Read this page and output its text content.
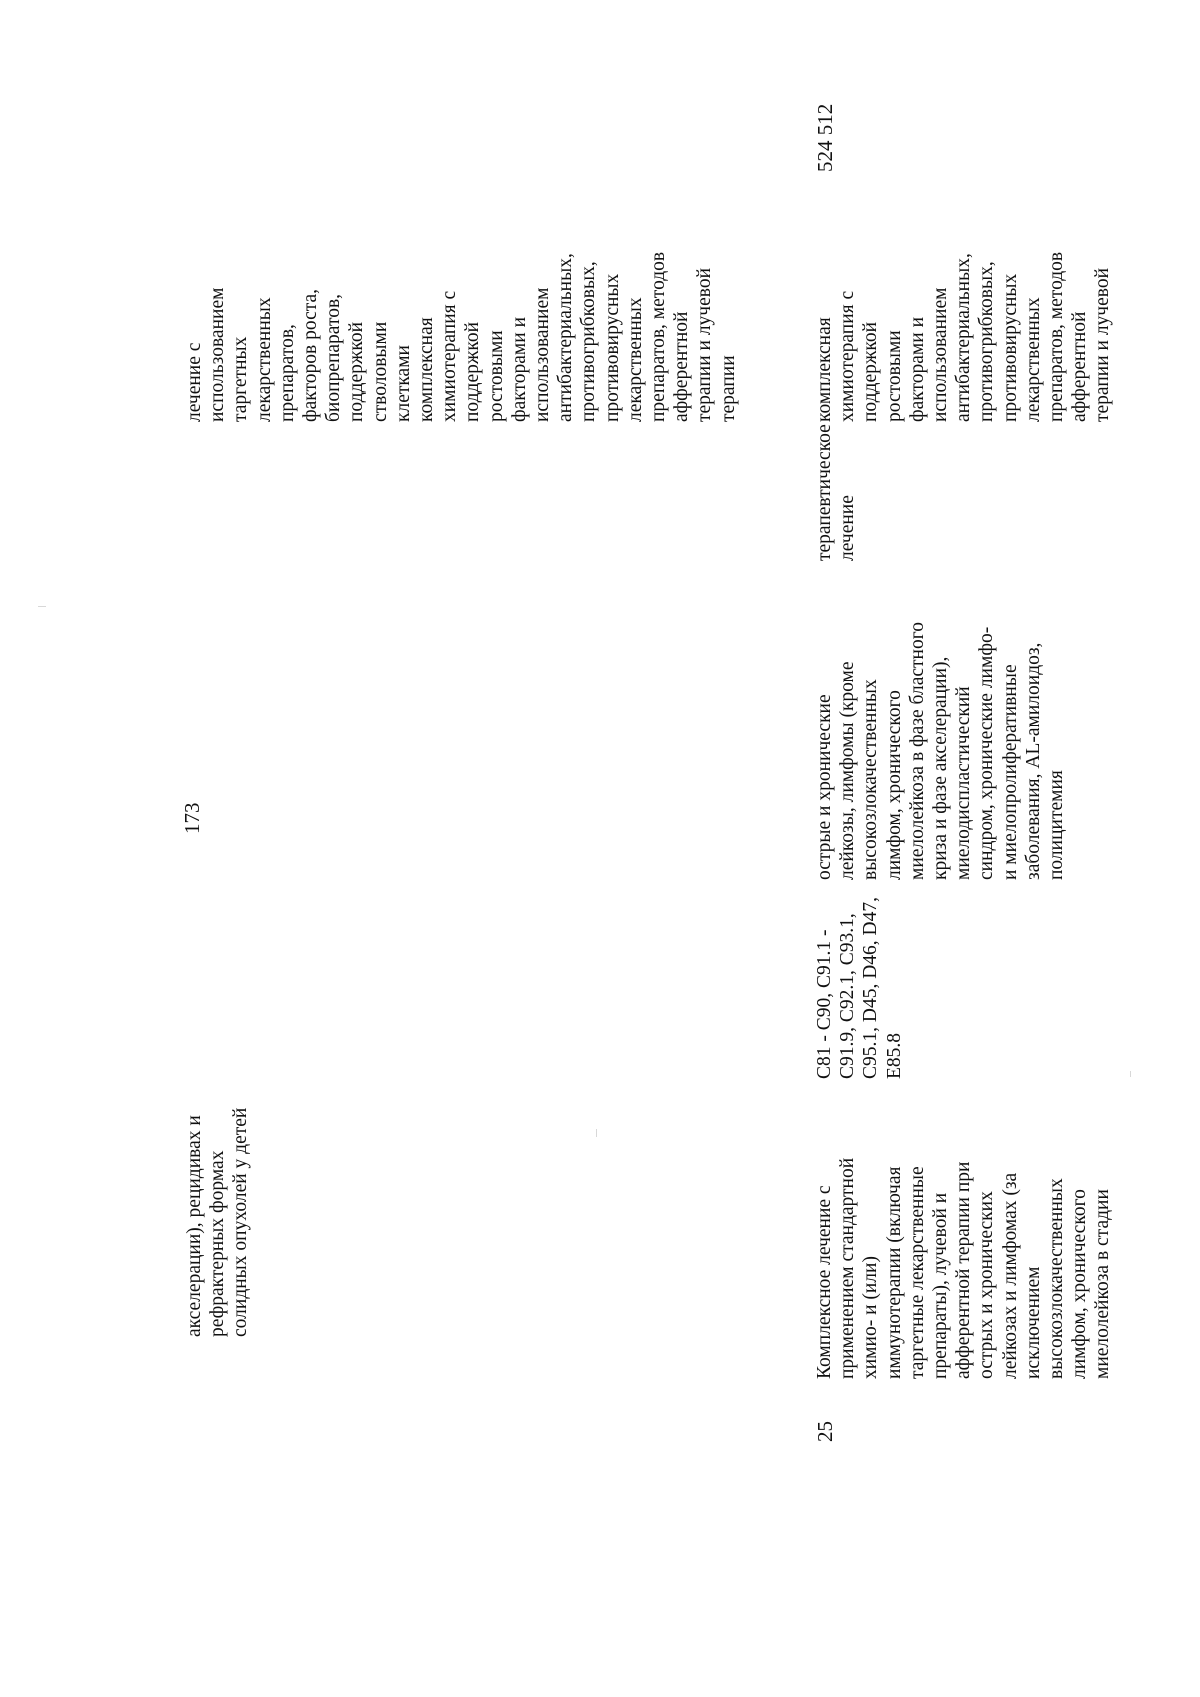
173
524 512
акселерации), рецидивах и рефрактерных формах солидных опухолей у детей
лечение с использованием таргетных лекарственных препаратов, факторов роста, биопрепаратов, поддержкой стволовыми клетками комплексная химиотерапия с поддержкой ростовыми факторами и использованием антибактериальных, противогрибковых, противовирусных лекарственных препаратов, методов афферентной терапии и лучевой терапии
25
Комплексное лечение с применением стандартной химио- и (или) иммунотерапии (включая таргетные лекарственные препараты), лучевой и афферентной терапии при острых и хронических лейкозах и лимфомах (за исключением высокозлокачественных лимфом, хронического миелолейкоза в стадии
C81 - C90, C91.1 - C91.9, C92.1, C93.1, C95.1, D45, D46, D47, E85.8
острые и хронические лейкозы, лимфомы (кроме высокозлокачественных лимфом, хронического миелолейкоза в фазе бластного криза и фазе акселерации), миелодиспластический синдром, хронические лимфо- и миелопролиферативные заболевания, AL-амилоидоз, полицитемия
терапевтическое лечение
комплексная химиотерапия с поддержкой ростовыми факторами и использованием антибактериальных, противогрибковых, противовирусных лекарственных препаратов, методов афферентной терапии и лучевой
